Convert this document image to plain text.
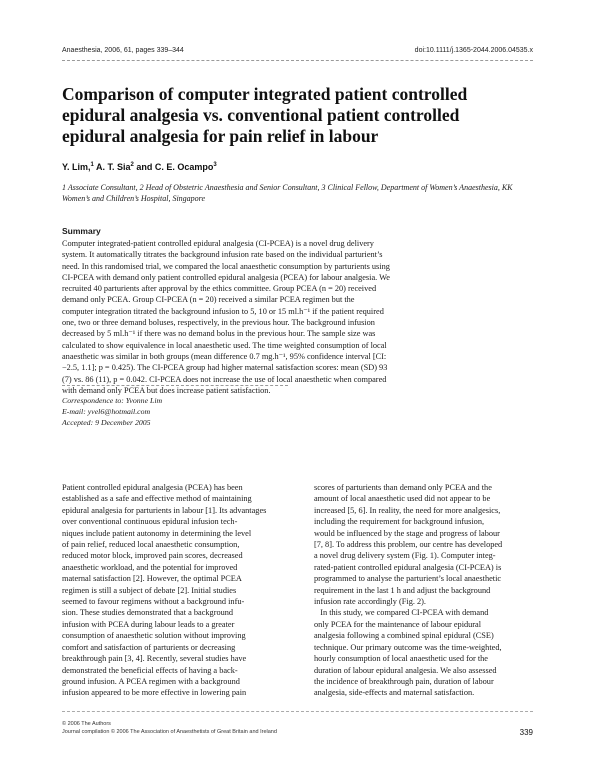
Anaesthesia, 2006, 61, pages 339–344	doi:10.1111/j.1365-2044.2006.04535.x
Comparison of computer integrated patient controlled
epidural analgesia vs. conventional patient controlled
epidural analgesia for pain relief in labour
Y. Lim,$^1$ A. T. Sia$^2$ and C. E. Ocampo$^3$
1 Associate Consultant, 2 Head of Obstetric Anaesthesia and Senior Consultant, 3 Clinical Fellow, Department of Women’s Anaesthesia, KK Women’s and Children’s Hospital, Singapore
Summary
Computer integrated-patient controlled epidural analgesia (CI-PCEA) is a novel drug delivery
system. It automatically titrates the background infusion rate based on the individual parturient’s
need. In this randomised trial, we compared the local anaesthetic consumption by parturients using
CI-PCEA with demand only patient controlled epidural analgesia (PCEA) for labour analgesia. We
recruited 40 parturients after approval by the ethics committee. Group PCEA (n = 20) received
demand only PCEA. Group CI-PCEA (n = 20) received a similar PCEA regimen but the
computer integration titrated the background infusion to 5, 10 or 15 ml.h⁻¹ if the patient required
one, two or three demand boluses, respectively, in the previous hour. The background infusion
decreased by 5 ml.h⁻¹ if there was no demand bolus in the previous hour. The sample size was
calculated to show equivalence in local anaesthetic used. The time weighted consumption of local
anaesthetic was similar in both groups (mean difference 0.7 mg.h⁻¹, 95% confidence interval [CI:
−2.5, 1.1]; p = 0.425). The CI-PCEA group had higher maternal satisfaction scores: mean (SD) 93
(7) vs. 86 (11), p = 0.042. CI-PCEA does not increase the use of local anaesthetic when compared
with demand only PCEA but does increase patient satisfaction.
Correspondence to: Yvonne Lim
E-mail: yvel6@hotmail.com
Accepted: 9 December 2005
Patient controlled epidural analgesia (PCEA) has been
established as a safe and effective method of maintaining
epidural analgesia for parturients in labour [1]. Its advantages
over conventional continuous epidural infusion tech-
niques include patient autonomy in determining the level
of pain relief, reduced local anaesthetic consumption,
reduced motor block, improved pain scores, decreased
anaesthetic workload, and the potential for improved
maternal satisfaction [2]. However, the optimal PCEA
regimen is still a subject of debate [2]. Initial studies
seemed to favour regimens without a background infu-
sion. These studies demonstrated that a background
infusion with PCEA during labour leads to a greater
consumption of anaesthetic solution without improving
comfort and satisfaction of parturients or decreasing
breakthrough pain [3, 4]. Recently, several studies have
demonstrated the beneficial effects of having a back-
ground infusion. A PCEA regimen with a background
infusion appeared to be more effective in lowering pain
scores of parturients than demand only PCEA and the
amount of local anaesthetic used did not appear to be
increased [5, 6]. In reality, the need for more analgesics,
including the requirement for background infusion,
would be influenced by the stage and progress of labour
[7, 8]. To address this problem, our centre has developed
a novel drug delivery system (Fig. 1). Computer integ-
rated-patient controlled epidural analgesia (CI-PCEA) is
programmed to analyse the parturient’s local anaesthetic
requirement in the last 1 h and adjust the background
infusion rate accordingly (Fig. 2).
In this study, we compared CI-PCEA with demand
only PCEA for the maintenance of labour epidural
analgesia following a combined spinal epidural (CSE)
technique. Our primary outcome was the time-weighted,
hourly consumption of local anaesthetic used for the
duration of labour epidural analgesia. We also assessed
the incidence of breakthrough pain, duration of labour
analgesia, side-effects and maternal satisfaction.
© 2006 The Authors
Journal compilation © 2006 The Association of Anaesthetists of Great Britain and Ireland	339
